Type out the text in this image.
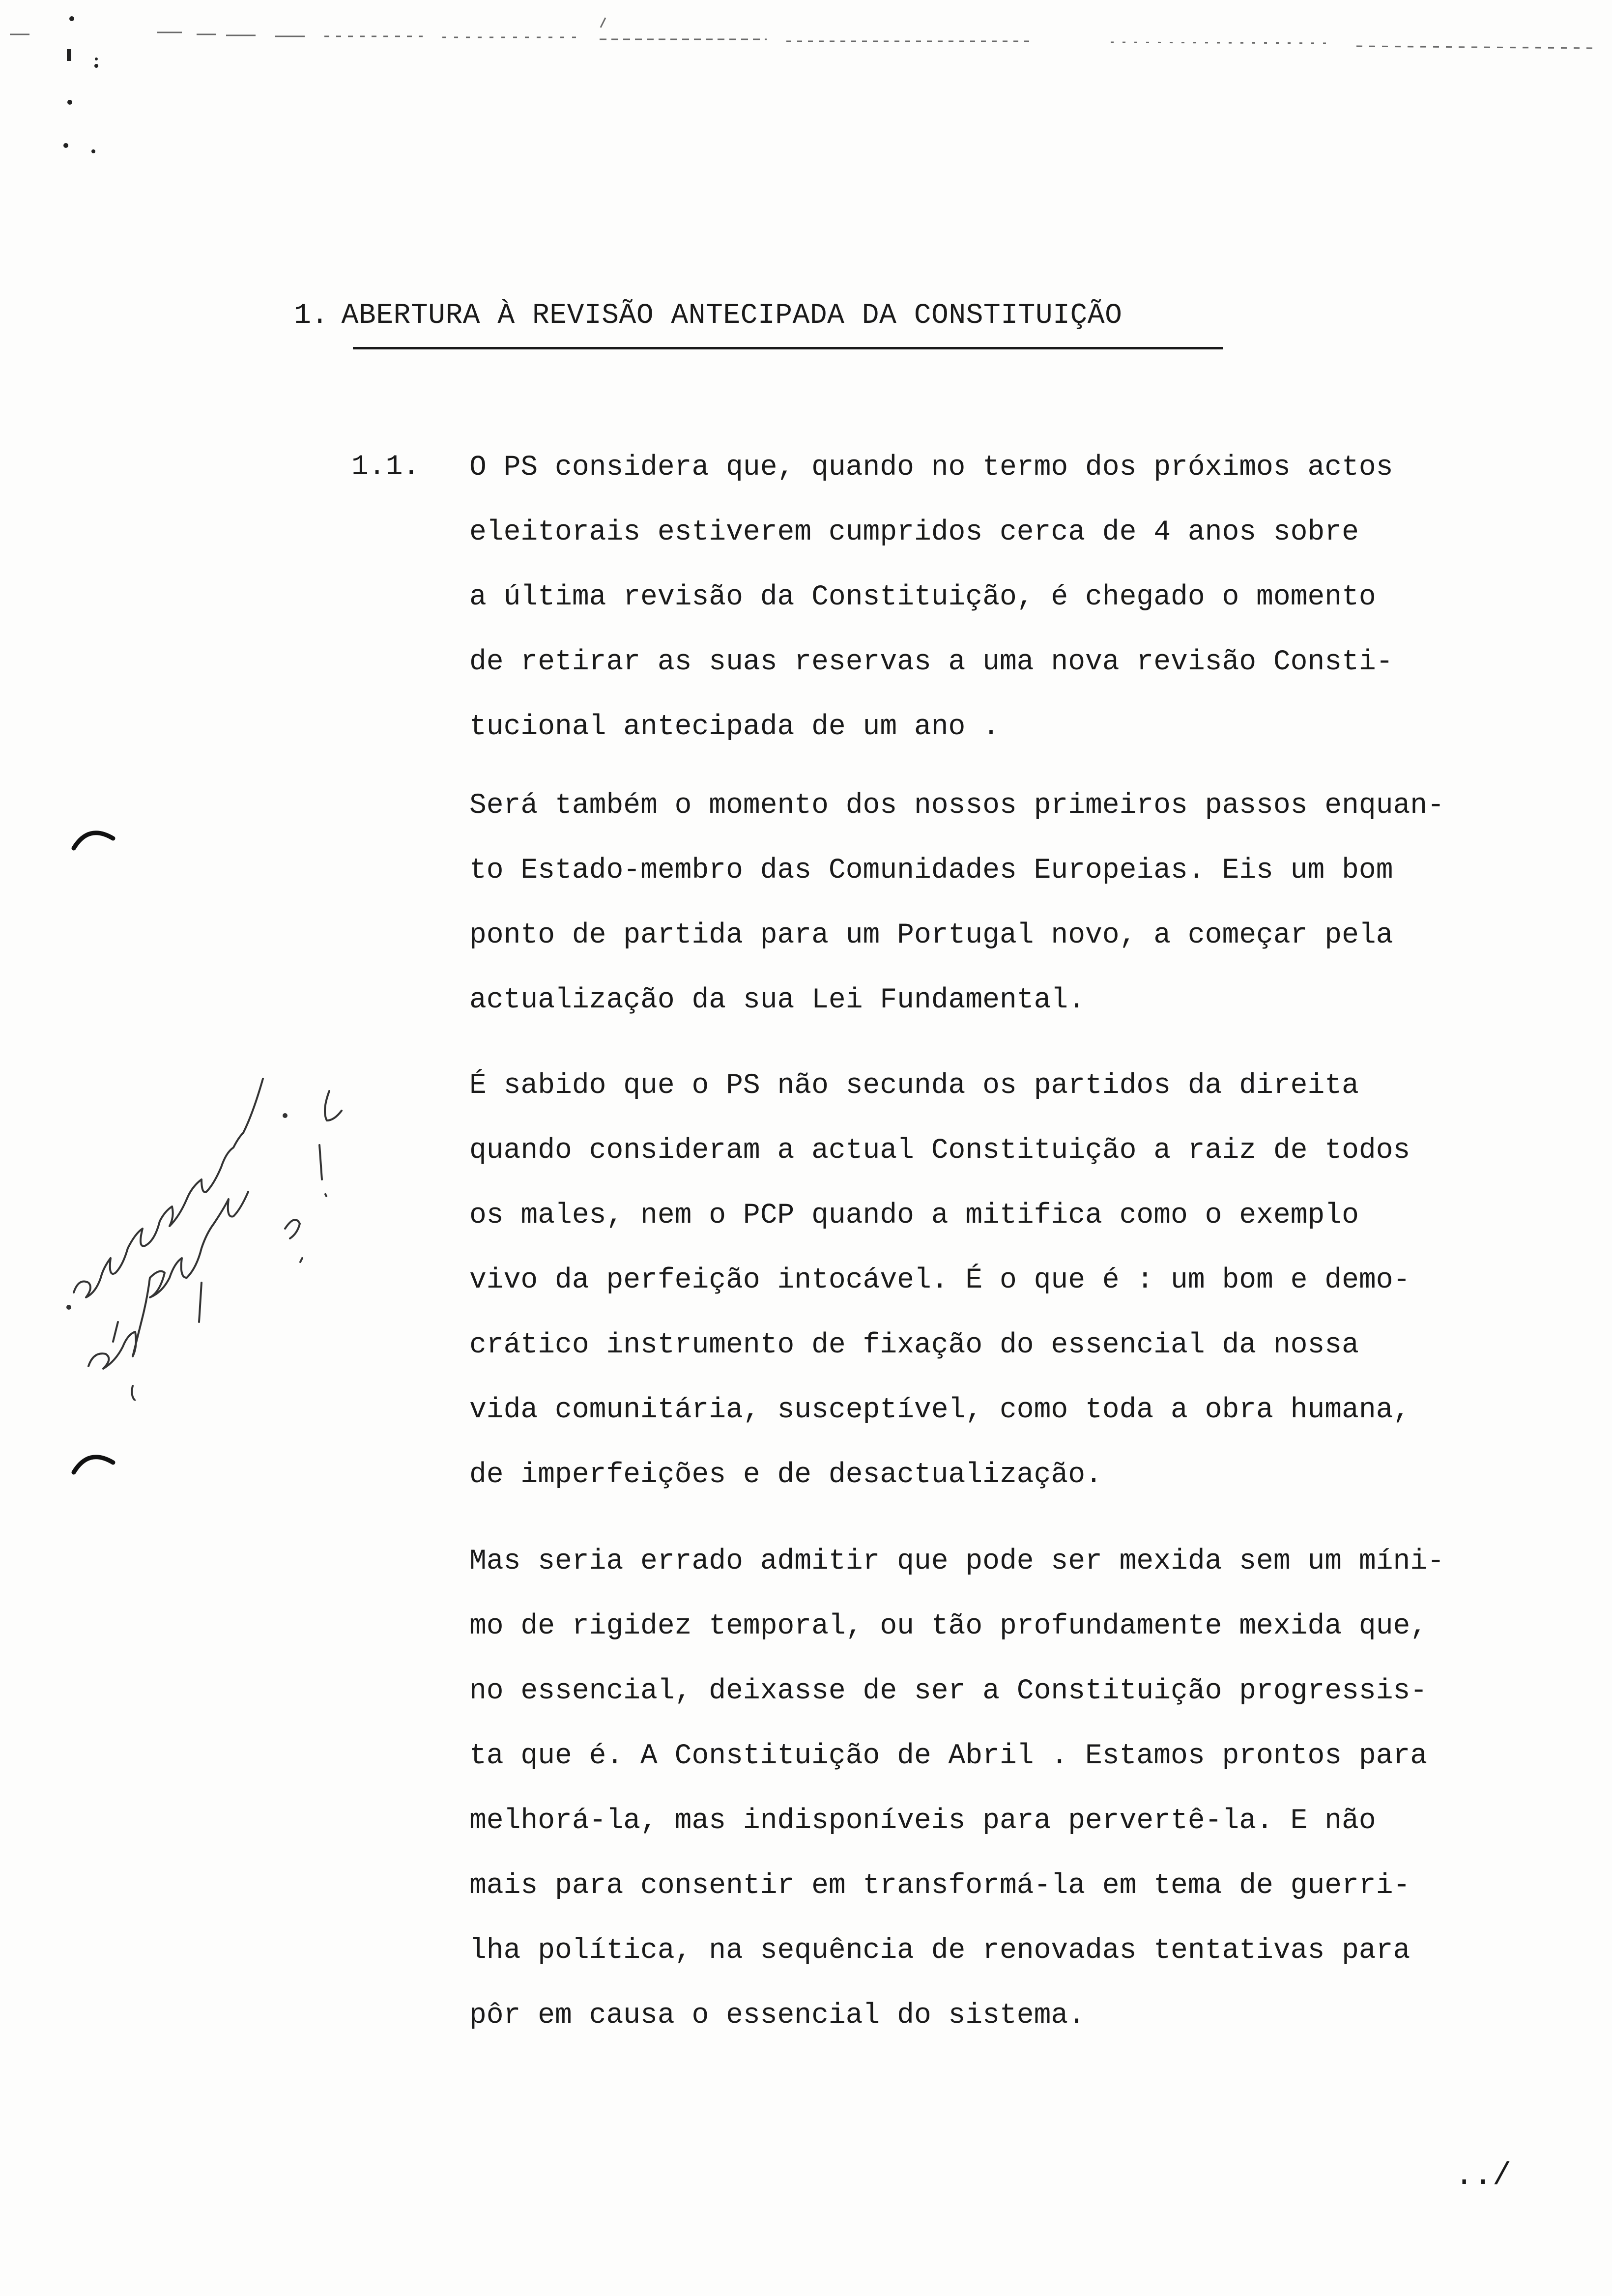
1. ABERTURA À REVISÃO ANTECIPADA DA CONSTITUIÇÃO
1.1. O PS considera que, quando no termo dos próximos actos
eleitorais estiverem cumpridos cerca de 4 anos sobre
a última revisão da Constituição, é chegado o momento
de retirar as suas reservas a uma nova revisão Consti-
tucional antecipada de um ano .
Será também o momento dos nossos primeiros passos enquan-
to Estado-membro das Comunidades Europeias. Eis um bom
ponto de partida para um Portugal novo, a começar pela
actualização da sua Lei Fundamental.
É sabido que o PS não secunda os partidos da direita
quando consideram a actual Constituição a raiz de todos
os males, nem o PCP quando a mitifica como o exemplo
vivo da perfeição intocável. É o que é : um bom e demo-
crático instrumento de fixação do essencial da nossa
vida comunitária, susceptível, como toda a obra humana,
de imperfeições e de desactualização.
Mas seria errado admitir que pode ser mexida sem um míni-
mo de rigidez temporal, ou tão profundamente mexida que,
no essencial, deixasse de ser a Constituição progressis-
ta que é. A Constituição de Abril . Estamos prontos para
melhorá-la, mas indisponíveis para pervertê-la. E não
mais para consentir em transformá-la em tema de guerri-
lha política, na sequência de renovadas tentativas para
pôr em causa o essencial do sistema.
../
